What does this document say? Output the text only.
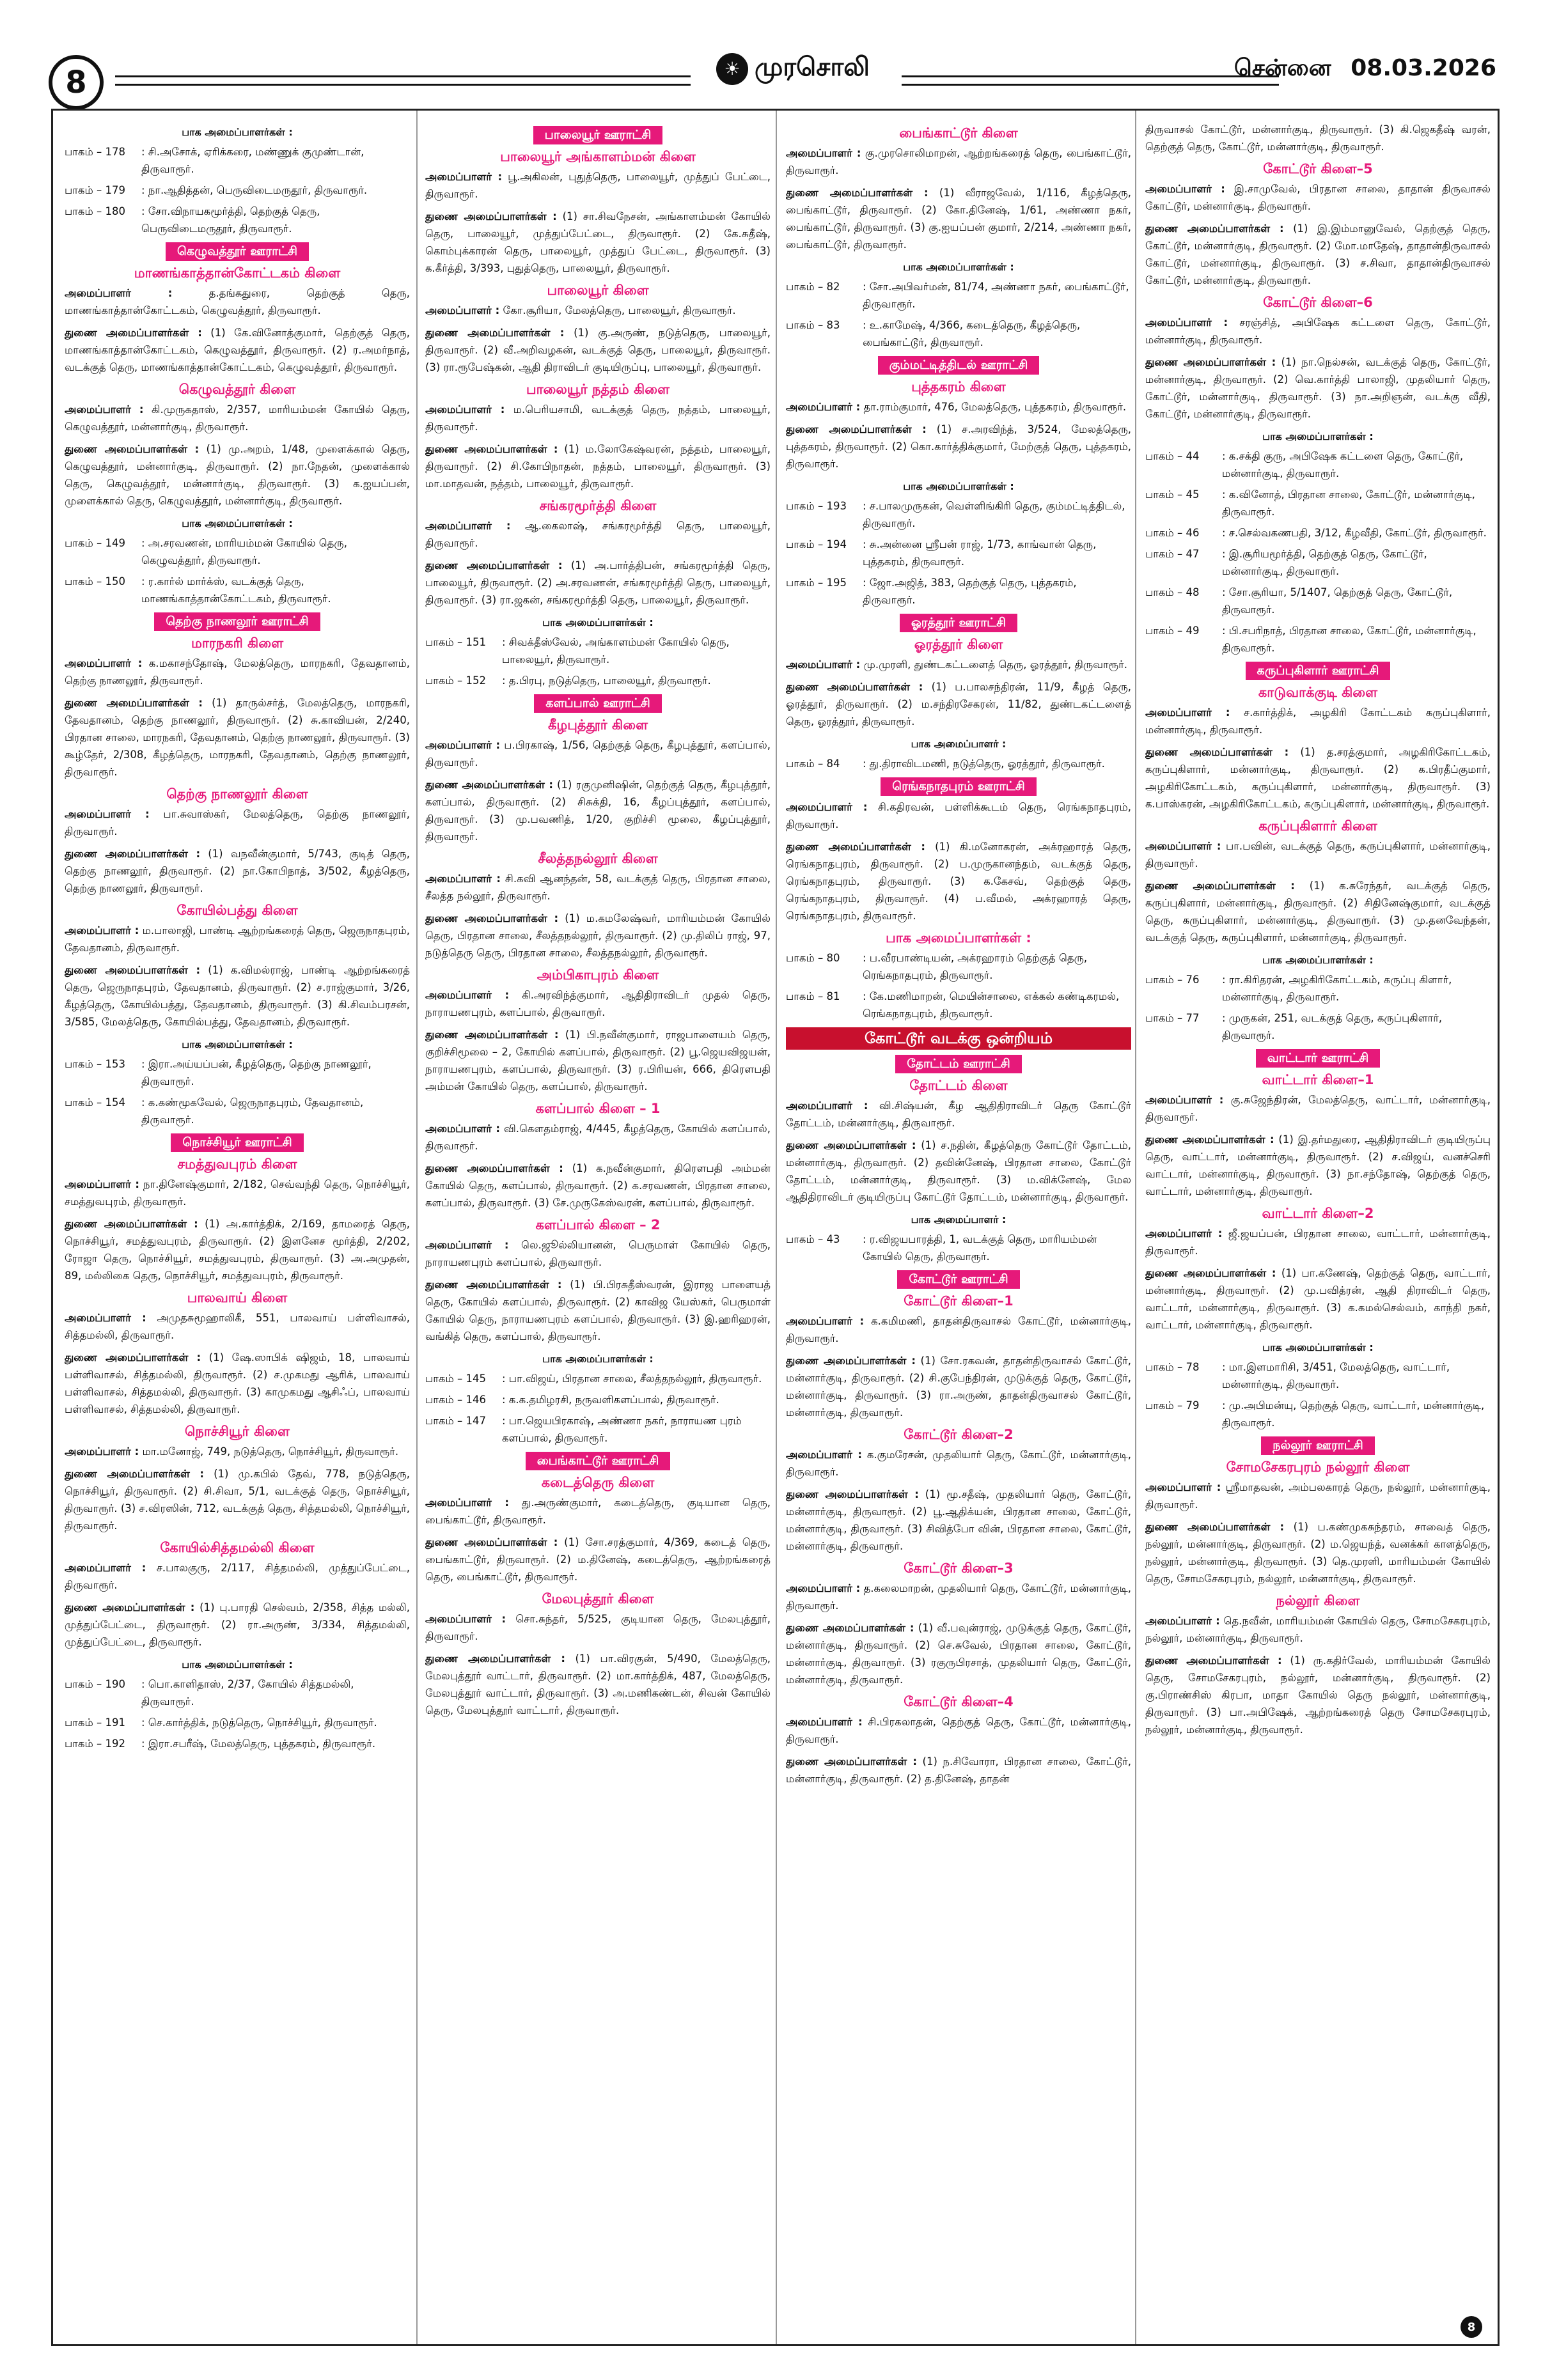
8	☀ முரசொலி	சென்னை 08.03.2026
பாக அமைப்பாளர்கள் :
பாகம் – 178	: சி.அசோக், ஏரிக்கரை, மண்ணுக் குமுண்டான், திருவாரூர்.
பாகம் – 179	: நா.ஆதித்தன், பெருவிடைமருதூர், திருவாரூர்.
பாகம் – 180	: சோ.விநாயகமூர்த்தி, தெற்குத் தெரு, பெருவிடைமருதூர், திருவாரூர்.
கெழுவத்தூர் ஊராட்சி
மாணங்காத்தான்கோட்டகம் கிளை

அமைப்பாளர் : த.தங்கதுரை, தெற்குத் தெரு, மாணங்காத்தான்கோட்டகம், கெழுவத்தூர், திருவாரூர்.

துணை அமைப்பாளர்கள் : (1) கே.வினோத்குமார், தெற்குத் தெரு, மாணங்காத்தான்கோட்டகம், கெழுவத்தூர், திருவாரூர். (2) ர.அமர்நாத், வடக்குத் தெரு, மாணங்காத்தான்கோட்டகம், கெழுவத்தூர், திருவாரூர்.

கெழுவத்தூர் கிளை

அமைப்பாளர் : கி.முருகதாஸ், 2/357, மாரியம்மன் கோயில் தெரு, கெழுவத்தூர், மன்னார்குடி, திருவாரூர்.

துணை அமைப்பாளர்கள் : (1) மு.அறம், 1/48, முளைக்கால் தெரு, கெழுவத்தூர், மன்னார்குடி, திருவாரூர். (2) நா.நேதன், முளைக்கால் தெரு, கெழுவத்தூர், மன்னார்குடி, திருவாரூர். (3) க.ஐயப்பன், முளைக்கால் தெரு, கெழுவத்தூர், மன்னார்குடி, திருவாரூர்.

பாக அமைப்பாளர்கள் :
பாகம் – 149	: அ.சரவணன், மாரியம்மன் கோயில் தெரு, கெழுவத்தூர், திருவாரூர்.
பாகம் – 150	: ர.கார்ல் மார்க்ஸ், வடக்குத் தெரு, மாணங்காத்தான்கோட்டகம், திருவாரூர்.
தெற்கு நாணலூர் ஊராட்சி
மாரநகரி கிளை

அமைப்பாளர் : க.மகாசந்தோஷ், மேலத்தெரு, மாரநகரி, தேவதானம், தெற்கு நாணலூர், திருவாரூர்.

துணை அமைப்பாளர்கள் : (1) தாருல்சர்த், மேலத்தெரு, மாரநகரி, தேவதானம், தெற்கு நாணலூர், திருவாரூர். (2) சு.காவியன், 2/240, பிரதான சாலை, மாரநகரி, தேவதானம், தெற்கு நாணலூர், திருவாரூர். (3) கூழ்தேர், 2/308, கீழத்தெரு, மாரநகரி, தேவதானம், தெற்கு நாணலூர், திருவாரூர்.

தெற்கு நாணலூர் கிளை

அமைப்பாளர் : பா.சுவாஸ்கர், மேலத்தெரு, தெற்கு நாணலூர், திருவாரூர்.

துணை அமைப்பாளர்கள் : (1) வநவீன்குமார், 5/743, குடித் தெரு, தெற்கு நாணலூர், திருவாரூர். (2) நா.கோபிநாத், 3/502, கீழத்தெரு, தெற்கு நாணலூர், திருவாரூர்.

கோயில்பத்து கிளை

அமைப்பாளர் : ம.பாலாஜி, பாண்டி ஆற்றங்கரைத் தெரு, ஜெருநாதபுரம், தேவதானம், திருவாரூர்.

துணை அமைப்பாளர்கள் : (1) க.விமல்ராஜ், பாண்டி ஆற்றங்கரைத் தெரு, ஜெருநாதபுரம், தேவதானம், திருவாரூர். (2) ச.ராஜ்குமார், 3/26, கீழத்தெரு, கோயில்பத்து, தேவதானம், திருவாரூர். (3) கி.சிவம்பரசன், 3/585, மேலத்தெரு, கோயில்பத்து, தேவதானம், திருவாரூர்.

பாக அமைப்பாளர்கள் :
பாகம் – 153	: இரா.அய்யப்பன், கீழத்தெரு, தெற்கு நாணலூர், திருவாரூர்.
பாகம் – 154	: க.கண்மூகவேல், ஜெருநாதபுரம், தேவதானம், திருவாரூர்.
நொச்சியூர் ஊராட்சி
சமத்துவபுரம் கிளை

அமைப்பாளர் : நா.தினேஷ்குமார், 2/182, செவ்வந்தி தெரு, நொச்சியூர், சமத்துவபுரம், திருவாரூர்.

துணை அமைப்பாளர்கள் : (1) அ.கார்த்திக், 2/169, தாமரைத் தெரு, நொச்சியூர், சமத்துவபுரம், திருவாரூர். (2) இளனேச மூர்த்தி, 2/202, ரோஜா தெரு, நொச்சியூர், சமத்துவபுரம், திருவாரூர். (3) அ.அமுதன், 89, மல்லிகை தெரு, நொச்சியூர், சமத்துவபுரம், திருவாரூர்.

பாலவாய் கிளை

அமைப்பாளர் : அமுதசுமூஹாலிகீ, 551, பாலவாய் பள்ளிவாசல், சித்தமல்லி, திருவாரூர்.

துணை அமைப்பாளர்கள் : (1) ஷே.ஸாபிக் ஷிஜம், 18, பாலவாய் பள்ளிவாசல், சித்தமல்லி, திருவாரூர். (2) ச.முகமது ஆரிக், பாலவாய் பள்ளிவாசல், சித்தமல்லி, திருவாரூர். (3) காமுகமது ஆசிஃப், பாலவாய் பள்ளிவாசல், சித்தமல்லி, திருவாரூர்.

நொச்சியூர் கிளை

அமைப்பாளர் : மா.மனோஜ், 749, நடுத்தெரு, நொச்சியூர், திருவாரூர்.

துணை அமைப்பாளர்கள் : (1) மு.கபில் தேவ், 778, நடுத்தெரு, நொச்சியூர், திருவாரூர். (2) சி.சிவா, 5/1, வடக்குத் தெரு, நொச்சியூர், திருவாரூர். (3) ச.விரஸின், 712, வடக்குத் தெரு, சித்தமல்லி, நொச்சியூர், திருவாரூர்.

கோயில்சித்தமல்லி கிளை

அமைப்பாளர் : ச.பாலகுரு, 2/117, சித்தமல்லி, முத்துப்பேட்டை, திருவாரூர்.

துணை அமைப்பாளர்கள் : (1) பு.பாரதி செல்வம், 2/358, சித்த மல்லி, முத்துப்பேட்டை, திருவாரூர். (2) ரா.அருண், 3/334, சித்தமல்லி, முத்துப்பேட்டை, திருவாரூர்.

பாக அமைப்பாளர்கள் :
பாகம் – 190	: பொ.காளிதாஸ், 2/37, கோயில் சித்தமல்லி, திருவாரூர்.
பாகம் – 191	: செ.கார்த்திக், நடுத்தெரு, நொச்சியூர், திருவாரூர்.
பாகம் – 192	: இரா.சபரீஷ், மேலத்தெரு, புத்தகரம், திருவாரூர்.
பாலையூர் ஊராட்சி
பாலையூர் அங்காளம்மன் கிளை

அமைப்பாளர் : பூ.அகிலன், புதுத்தெரு, பாலையூர், முத்துப் பேட்டை, திருவாரூர்.

துணை அமைப்பாளர்கள் : (1) சா.சிவநேசன், அங்காளம்மன் கோயில் தெரு, பாலையூர், முத்துப்பேட்டை, திருவாரூர். (2) கே.சுதீஷ், கொம்புக்காரன் தெரு, பாலையூர், முத்துப் பேட்டை, திருவாரூர். (3) க.கீர்த்தி, 3/393, புதுத்தெரு, பாலையூர், திருவாரூர்.

பாலையூர் கிளை

அமைப்பாளர் : கோ.சூரியா, மேலத்தெரு, பாலையூர், திருவாரூர்.

துணை அமைப்பாளர்கள் : (1) கு.அருண், நடுத்தெரு, பாலையூர், திருவாரூர். (2) வீ.அறிவழகன், வடக்குத் தெரு, பாலையூர், திருவாரூர். (3) ரா.ரூபேஷ்கன், ஆதி திராவிடர் குடியிருப்பு, பாலையூர், திருவாரூர்.

பாலையூர் நத்தம் கிளை

அமைப்பாளர் : ம.பெரியசாமி, வடக்குத் தெரு, நத்தம், பாலையூர், திருவாரூர்.

துணை அமைப்பாளர்கள் : (1) ம.லோகேஷ்வரன், நத்தம், பாலையூர், திருவாரூர். (2) சி.கோபிநாதன், நத்தம், பாலையூர், திருவாரூர். (3) மா.மாதவன், நத்தம், பாலையூர், திருவாரூர்.

சங்கரமூர்த்தி கிளை

அமைப்பாளர் : ஆ.கைலாஷ், சங்கரமூர்த்தி தெரு, பாலையூர், திருவாரூர்.

துணை அமைப்பாளர்கள் : (1) அ.பார்த்திபன், சங்கரமூர்த்தி தெரு, பாலையூர், திருவாரூர். (2) அ.சரவணன், சங்கரமூர்த்தி தெரு, பாலையூர், திருவாரூர். (3) ரா.ஜகன், சங்கரமூர்த்தி தெரு, பாலையூர், திருவாரூர்.

பாக அமைப்பாளர்கள் :
பாகம் – 151	: சிவக்தீஸ்வேல், அங்காளம்மன் கோயில் தெரு, பாலையூர், திருவாரூர்.
பாகம் – 152	: த.பிரபு, நடுத்தெரு, பாலையூர், திருவாரூர்.
களப்பால் ஊராட்சி
கீழபுத்தூர் கிளை

அமைப்பாளர் : ப.பிரகாஷ், 1/56, தெற்குத் தெரு, கீழபுத்தூர், களப்பால், திருவாரூர்.

துணை அமைப்பாளர்கள் : (1) ரகுமுனிஷின், தெற்குத் தெரு, கீழபுத்தூர், களப்பால், திருவாரூர். (2) சிசுக்தி, 16, கீழப்புத்தூர், களப்பால், திருவாரூர். (3) மு.பவணித், 1/20, குறிச்சி மூலை, கீழப்புத்தூர், திருவாரூர்.

சீலத்தநல்லூர் கிளை

அமைப்பாளர் : சி.கவி ஆனந்தன், 58, வடக்குத் தெரு, பிரதான சாலை, சீலத்த நல்லூர், திருவாரூர்.

துணை அமைப்பாளர்கள் : (1) ம.கமலேஷ்வர், மாரியம்மன் கோயில் தெரு, பிரதான சாலை, சீலத்தநல்லூர், திருவாரூர். (2) மு.திலிப் ராஜ், 97, நடுத்தெரு தெரு, பிரதான சாலை, சீலத்தநல்லூர், திருவாரூர்.

அம்பிகாபுரம் கிளை

அமைப்பாளர் : கி.அரவிந்த்குமார், ஆதிதிராவிடர் முதல் தெரு, நாராயணபுரம், களப்பால், திருவாரூர்.

துணை அமைப்பாளர்கள் : (1) பி.நவீன்குமார், ராஜபாளையம் தெரு, குறிச்சிமூலை – 2, கோயில் களப்பால், திருவாரூர். (2) பூ.ஜெயவிஜயன், நாராயணபுரம், களப்பால், திருவாரூர். (3) ர.பிரியன், 666, திரௌபதி அம்மன் கோயில் தெரு, களப்பால், திருவாரூர்.

களப்பால் கிளை – 1

அமைப்பாளர் : வி.கௌதம்ராஜ், 4/445, கீழத்தெரு, கோயில் களப்பால், திருவாரூர்.

துணை அமைப்பாளர்கள் : (1) க.நவீன்குமார், திரௌபதி அம்மன் கோயில் தெரு, களப்பால், திருவாரூர். (2) க.சரவணன், பிரதான சாலை, களப்பால், திருவாரூர். (3) சே.முருகேஸ்வரன், களப்பால், திருவாரூர்.

களப்பால் கிளை – 2

அமைப்பாளர் : லெ.ஜூல்லியானன், பெருமாள் கோயில் தெரு, நாராயணபுரம் களப்பால், திருவாரூர்.

துணை அமைப்பாளர்கள் : (1) பி.பிரசுதீஸ்வரன், இராஜ பாளையத் தெரு, கோயில் களப்பால், திருவாரூர். (2) காவிஜ யேஸ்கர், பெருமாள் கோயில் தெரு, நாராயணபுரம் களப்பால், திருவாரூர். (3) இ.ஹரிஹரன், வங்கித் தெரு, களப்பால், திருவாரூர்.

பாக அமைப்பாளர்கள் :
பாகம் – 145	: பா.விஜய், பிரதான சாலை, சீலத்தநல்லூர், திருவாரூர்.
பாகம் – 146	: க.க.தமிழரசி, நருவளிகளப்பால், திருவாரூர்.
பாகம் – 147	: பா.ஜெயபிரகாஷ், அண்ணா நகர், நாராயண புரம் களப்பால், திருவாரூர்.
பைங்காட்டூர் ஊராட்சி
கடைத்தெரு கிளை

அமைப்பாளர் : து.அருண்குமார், கடைத்தெரு, குடியான தெரு, பைங்காட்டூர், திருவாரூர்.

துணை அமைப்பாளர்கள் : (1) சோ.சரத்குமார், 4/369, கடைத் தெரு, பைங்காட்டூர், திருவாரூர். (2) ம.தினேஷ், கடைத்தெரு, ஆற்றங்கரைத் தெரு, பைங்காட்டூர், திருவாரூர்.

மேலபுத்தூர் கிளை

அமைப்பாளர் : சொ.சுந்தர், 5/525, குடியான தெரு, மேலபுத்தூர், திருவாரூர்.

துணை அமைப்பாளர்கள் : (1) பா.விரகுன், 5/490, மேலத்தெரு, மேலபுத்தூர் வாட்டார், திருவாரூர். (2) மா.கார்த்திக், 487, மேலத்தெரு, மேலபுத்தூர் வாட்டார், திருவாரூர். (3) அ.மணிகண்டன், சிவன் கோயில் தெரு, மேலபுத்தூர் வாட்டார், திருவாரூர்.

பைங்காட்டூர் கிளை

அமைப்பாளர் : கு.முரசொலிமாறன், ஆற்றங்கரைத் தெரு, பைங்காட்டூர், திருவாரூர்.

துணை அமைப்பாளர்கள் : (1) வீராஜவேல், 1/116, கீழத்தெரு, பைங்காட்டூர், திருவாரூர். (2) கோ.தினேஷ், 1/61, அண்ணா நகர், பைங்காட்டூர், திருவாரூர். (3) கு.ஐயப்பன் குமார், 2/214, அண்ணா நகர், பைங்காட்டூர், திருவாரூர்.

பாக அமைப்பாளர்கள் :
பாகம் – 82	: சோ.அபிவர்மன், 81/74, அண்ணா நகர், பைங்காட்டூர், திருவாரூர்.
பாகம் – 83	: உ.காமேஷ், 4/366, கடைத்தெரு, கீழத்தெரு, பைங்காட்டூர், திருவாரூர்.
கும்மட்டித்திடல் ஊராட்சி
புத்தகரம் கிளை

அமைப்பாளர் : தா.ராம்குமார், 476, மேலத்தெரு, புத்தகரம், திருவாரூர்.

துணை அமைப்பாளர்கள் : (1) ச.அரவிந்த், 3/524, மேலத்தெரு, புத்தகரம், திருவாரூர். (2) கொ.கார்த்திக்குமார், மேற்குத் தெரு, புத்தகரம், திருவாரூர்.

பாக அமைப்பாளர்கள் :
பாகம் – 193	: ச.பாலமுருகன், வெள்ளிங்கிரி தெரு, கும்மட்டித்திடல், திருவாரூர்.
பாகம் – 194	: சு.அன்னை ஸ்ரீபன் ராஜ், 1/73, காங்வான் தெரு, புத்தகரம், திருவாரூர்.
பாகம் – 195	: ஜோ.அஜித், 383, தெற்குத் தெரு, புத்தகரம், திருவாரூர்.
ஓரத்தூர் ஊராட்சி
ஓரத்தூர் கிளை

அமைப்பாளர் : மு.முரளி, துண்டகட்டளைத் தெரு, ஓரத்தூர், திருவாரூர்.

துணை அமைப்பாளர்கள் : (1) ப.பாலசந்திரன், 11/9, கீழத் தெரு, ஓரத்தூர், திருவாரூர். (2) ம.சந்திரசேகரன், 11/82, துண்டகட்டளைத் தெரு, ஓரத்தூர், திருவாரூர்.

பாக அமைப்பாளர் :
பாகம் – 84	: து.திராவிடமணி, நடுத்தெரு, ஓரத்தூர், திருவாரூர்.
ரெங்கநாதபுரம் ஊராட்சி

அமைப்பாளர் : சி.கதிரவன், பள்ளிக்கூடம் தெரு, ரெங்கநாதபுரம், திருவாரூர்.

துணை அமைப்பாளர்கள் : (1) கி.மனோகரன், அக்ரஹாரத் தெரு, ரெங்கநாதபுரம், திருவாரூர். (2) ப.முருகானந்தம், வடக்குத் தெரு, ரெங்கநாதபுரம், திருவாரூர். (3) க.கேசவ், தெற்குத் தெரு, ரெங்கநாதபுரம், திருவாரூர். (4) ப.வீமல், அக்ரஹாரத் தெரு, ரெங்கநாதபுரம், திருவாரூர்.

பாக அமைப்பாளர்கள் :
பாகம் – 80	: ப.வீரபாண்டியன், அக்ரஹாரம் தெற்குத் தெரு, ரெங்கநாதபுரம், திருவாரூர்.
பாகம் – 81	: கே.மணிமாறன், மெயின்சாலை, எக்கல் கண்டிகரமல், ரெங்கநாதபுரம், திருவாரூர்.
கோட்டூர் வடக்கு ஒன்றியம்
தோட்டம் ஊராட்சி
தோட்டம் கிளை

அமைப்பாளர் : வி.சிஷ்யன், கீழ ஆதிதிராவிடர் தெரு கோட்டூர் தோட்டம், மன்னார்குடி, திருவாரூர்.

துணை அமைப்பாளர்கள் : (1) ச.நதின், கீழத்தெரு கோட்டூர் தோட்டம், மன்னார்குடி, திருவாரூர். (2) தவின்னேஷ், பிரதான சாலை, கோட்டூர் தோட்டம், மன்னார்குடி, திருவாரூர். (3) ம.விக்னேஷ், மேல ஆதிதிராவிடர் குடியிருப்பு கோட்டூர் தோட்டம், மன்னார்குடி, திருவாரூர்.

பாக அமைப்பாளர் :
பாகம் – 43	: ர.விஜயபாரத்தி, 1, வடக்குத் தெரு, மாரியம்மன் கோயில் தெரு, திருவாரூர்.
கோட்டூர் ஊராட்சி
கோட்டூர் கிளை–1

அமைப்பாளர் : க.கமிமணி, தாதன்திருவாசல் கோட்டூர், மன்னார்குடி, திருவாரூர்.

துணை அமைப்பாளர்கள் : (1) சோ.ரகவன், தாதன்திருவாசல் கோட்டூர், மன்னார்குடி, திருவாரூர். (2) சி.குபேந்திரன், முடுக்குத் தெரு, கோட்டூர், மன்னார்குடி, திருவாரூர். (3) ரா.அருண், தாதன்திருவாசல் கோட்டூர், மன்னார்குடி, திருவாரூர்.

கோட்டூர் கிளை–2

அமைப்பாளர் : க.குமரேசன், முதலியார் தெரு, கோட்டூர், மன்னார்குடி, திருவாரூர்.

துணை அமைப்பாளர்கள் : (1) மூ.சதீஷ், முதலியார் தெரு, கோட்டூர், மன்னார்குடி, திருவாரூர். (2) பூ.ஆதிக்யன், பிரதான சாலை, கோட்டூர், மன்னார்குடி, திருவாரூர். (3) சிவித்போ வின், பிரதான சாலை, கோட்டூர், மன்னார்குடி, திருவாரூர்.

கோட்டூர் கிளை–3

அமைப்பாளர் : த.கலைமாறன், முதலியார் தெரு, கோட்டூர், மன்னார்குடி, திருவாரூர்.

துணை அமைப்பாளர்கள் : (1) வீ.பவுன்ராஜ், முடுக்குத் தெரு, கோட்டூர், மன்னார்குடி, திருவாரூர். (2) செ.சுவேல், பிரதான சாலை, கோட்டூர், மன்னார்குடி, திருவாரூர். (3) ரகுருபிரசாத், முதலியார் தெரு, கோட்டூர், மன்னார்குடி, திருவாரூர்.

கோட்டூர் கிளை–4

அமைப்பாளர் : சி.பிரகலாதன், தெற்குத் தெரு, கோட்டூர், மன்னார்குடி, திருவாரூர்.

துணை அமைப்பாளர்கள் : (1) ந.சிவோரா, பிரதான சாலை, கோட்டூர், மன்னார்குடி, திருவாரூர். (2) த.தினேஷ், தாதன்

திருவாசல் கோட்டூர், மன்னார்குடி, திருவாரூர். (3) கி.ஜெகதீஷ் வரன், தெற்குத் தெரு, கோட்டூர், மன்னார்குடி, திருவாரூர்.

கோட்டூர் கிளை–5

அமைப்பாளர் : இ.சாமுவேல், பிரதான சாலை, தாதான் திருவாசல் கோட்டூர், மன்னார்குடி, திருவாரூர்.

துணை அமைப்பாளர்கள் : (1) இ.இம்மானுவேல், தெற்குத் தெரு, கோட்டூர், மன்னார்குடி, திருவாரூர். (2) மோ.மாதேஷ், தாதான்திருவாசல் கோட்டூர், மன்னார்குடி, திருவாரூர். (3) ச.சிவா, தாதான்திருவாசல் கோட்டூர், மன்னார்குடி, திருவாரூர்.

கோட்டூர் கிளை–6

அமைப்பாளர் : சரஞ்சித், அபிஷேக கட்டளை தெரு, கோட்டூர், மன்னார்குடி, திருவாரூர்.

துணை அமைப்பாளர்கள் : (1) நா.நெல்சன், வடக்குத் தெரு, கோட்டூர், மன்னார்குடி, திருவாரூர். (2) வெ.கார்த்தி பாலாஜி, முதலியார் தெரு, கோட்டூர், மன்னார்குடி, திருவாரூர். (3) நா.அறிஞன், வடக்கு வீதி, கோட்டூர், மன்னார்குடி, திருவாரூர்.

பாக அமைப்பாளர்கள் :
பாகம் – 44	: க.சக்தி குரு, அபிஷேக கட்டளை தெரு, கோட்டூர், மன்னார்குடி, திருவாரூர்.
பாகம் – 45	: க.வினோத், பிரதான சாலை, கோட்டூர், மன்னார்குடி, திருவாரூர்.
பாகம் – 46	: ச.செல்வகணபதி, 3/12, கீழவீதி, கோட்டூர், திருவாரூர்.
பாகம் – 47	: இ.சூரியமூர்த்தி, தெற்குத் தெரு, கோட்டூர், மன்னார்குடி, திருவாரூர்.
பாகம் – 48	: சோ.சூரியா, 5/1407, தெற்குத் தெரு, கோட்டூர், திருவாரூர்.
பாகம் – 49	: பி.சபரிநாத், பிரதான சாலை, கோட்டூர், மன்னார்குடி, திருவாரூர்.
கருப்புகிளார் ஊராட்சி
காடுவாக்குடி கிளை

அமைப்பாளர் : ச.கார்த்திக், அழகிரி கோட்டகம் கருப்புகிளார், மன்னார்குடி, திருவாரூர்.

துணை அமைப்பாளர்கள் : (1) த.சரத்குமார், அழகிரிகோட்டகம், கருப்புகிளார், மன்னார்குடி, திருவாரூர். (2) க.பிரதீப்குமார், அழகிரிகோட்டகம், கருப்புகிளார், மன்னார்குடி, திருவாரூர். (3) க.பாஸ்கரன், அழகிரிகோட்டகம், கருப்புகிளார், மன்னார்குடி, திருவாரூர்.

கருப்புகிளார் கிளை

அமைப்பாளர் : பா.பவின், வடக்குத் தெரு, கருப்புகிளார், மன்னார்குடி, திருவாரூர்.

துணை அமைப்பாளர்கள் : (1) க.சுரேந்தர், வடக்குத் தெரு, கருப்புகிளார், மன்னார்குடி, திருவாரூர். (2) சிதினேஷ்குமார், வடக்குத் தெரு, கருப்புகிளார், மன்னார்குடி, திருவாரூர். (3) மு.தனவேந்தன், வடக்குத் தெரு, கருப்புகிளார், மன்னார்குடி, திருவாரூர்.

பாக அமைப்பாளர்கள் :
பாகம் – 76	: ரா.கிரிதரன், அழகிரிகோட்டகம், கருப்பு கிளார், மன்னார்குடி, திருவாரூர்.
பாகம் – 77	: முருகன், 251, வடக்குத் தெரு, கருப்புகிளார், திருவாரூர்.
வாட்டார் ஊராட்சி
வாட்டார் கிளை–1

அமைப்பாளர் : கு.சுஜேந்திரன், மேலத்தெரு, வாட்டார், மன்னார்குடி, திருவாரூர்.

துணை அமைப்பாளர்கள் : (1) இ.தர்மதுரை, ஆதிதிராவிடர் குடியிருப்பு தெரு, வாட்டார், மன்னார்குடி, திருவாரூர். (2) ச.விஜய், வனச்செரி வாட்டார், மன்னார்குடி, திருவாரூர். (3) நா.சந்தோஷ், தெற்குத் தெரு, வாட்டார், மன்னார்குடி, திருவாரூர்.

வாட்டார் கிளை–2

அமைப்பாளர் : ஜீ.ஜயப்பன், பிரதான சாலை, வாட்டார், மன்னார்குடி, திருவாரூர்.

துணை அமைப்பாளர்கள் : (1) பா.கணேஷ், தெற்குத் தெரு, வாட்டார், மன்னார்குடி, திருவாரூர். (2) மு.பவித்ரன், ஆதி திராவிடர் தெரு, வாட்டார், மன்னார்குடி, திருவாரூர். (3) க.கமல்செல்வம், காந்தி நகர், வாட்டார், மன்னார்குடி, திருவாரூர்.

பாக அமைப்பாளர்கள் :
பாகம் – 78	: மா.இளமாரிசி, 3/451, மேலத்தெரு, வாட்டார், மன்னார்குடி, திருவாரூர்.
பாகம் – 79	: மு.அபிமன்யு, தெற்குத் தெரு, வாட்டார், மன்னார்குடி, திருவாரூர்.
நல்லூர் ஊராட்சி
சோமசேகரபுரம் நல்லூர் கிளை

அமைப்பாளர் : ஸ்ரீமாதவன், அம்பலகாரத் தெரு, நல்லூர், மன்னார்குடி, திருவாரூர்.

துணை அமைப்பாளர்கள் : (1) ப.கண்முகசுந்தரம், சாவைத் தெரு, நல்லூர், மன்னார்குடி, திருவாரூர். (2) ம.ஜெயந்த், வனக்கர் காளத்தெரு, நல்லூர், மன்னார்குடி, திருவாரூர். (3) தெ.முரளி, மாரியம்மன் கோயில் தெரு, சோமசேகரபுரம், நல்லூர், மன்னார்குடி, திருவாரூர்.

நல்லூர் கிளை

அமைப்பாளர் : தெ.நவீன், மாரியம்மன் கோயில் தெரு, சோமசேகரபுரம், நல்லூர், மன்னார்குடி, திருவாரூர்.

துணை அமைப்பாளர்கள் : (1) ரு.கதிர்வேல், மாரியம்மன் கோயில் தெரு, சோமசேகரபுரம், நல்லூர், மன்னார்குடி, திருவாரூர். (2) கு.பிராண்சிஸ் கிரபா, மாதா கோயில் தெரு நல்லூர், மன்னார்குடி, திருவாரூர். (3) பா.அபிஷேக், ஆற்றங்கரைத் தெரு சோமசேகரபுரம், நல்லூர், மன்னார்குடி, திருவாரூர்.

8
